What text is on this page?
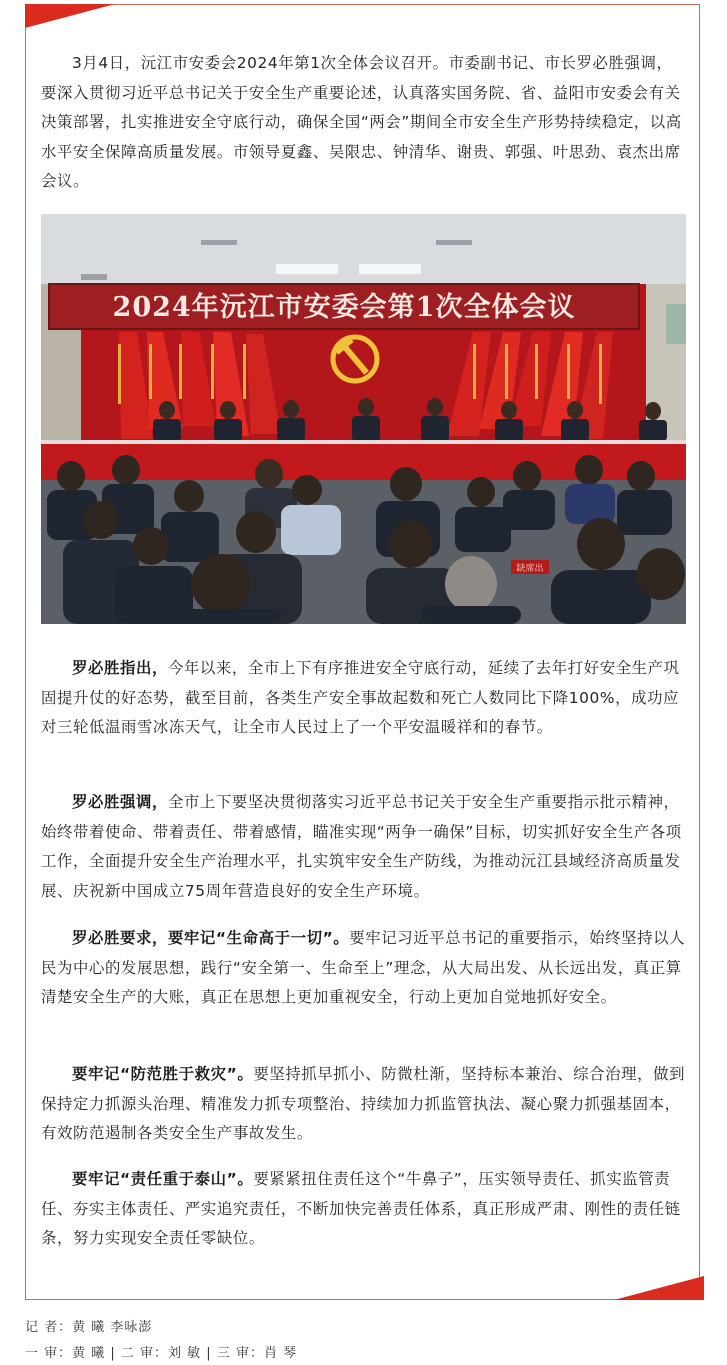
3月4日，沅江市安委会2024年第1次全体会议召开。市委副书记、市长罗必胜强调，要深入贯彻习近平总书记关于安全生产重要论述，认真落实国务院、省、益阳市安委会有关决策部署，扎实推进安全守底行动，确保全国“两会”期间全市安全生产形势持续稳定，以高水平安全保障高质量发展。市领导夏鑫、吴限忠、钟清华、谢贵、郭强、叶思劲、袁杰出席会议。

2024年沅江市安委会第1次全体会议
缺席出

罗必胜指出，今年以来，全市上下有序推进安全守底行动，延续了去年打好安全生产巩固提升仗的好态势，截至目前，各类生产安全事故起数和死亡人数同比下降100%，成功应对三轮低温雨雪冰冻天气，让全市人民过上了一个平安温暖祥和的春节。

罗必胜强调，全市上下要坚决贯彻落实习近平总书记关于安全生产重要指示批示精神，始终带着使命、带着责任、带着感情，瞄准实现“两争一确保”目标，切实抓好安全生产各项工作，全面提升安全生产治理水平，扎实筑牢安全生产防线，为推动沅江县域经济高质量发展、庆祝新中国成立75周年营造良好的安全生产环境。

罗必胜要求，要牢记“生命高于一切”。要牢记习近平总书记的重要指示，始终坚持以人民为中心的发展思想，践行“安全第一、生命至上”理念，从大局出发、从长远出发，真正算清楚安全生产的大账，真正在思想上更加重视安全，行动上更加自觉地抓好安全。

要牢记“防范胜于救灾”。要坚持抓早抓小、防微杜渐，坚持标本兼治、综合治理，做到保持定力抓源头治理、精准发力抓专项整治、持续加力抓监管执法、凝心聚力抓强基固本，有效防范遏制各类安全生产事故发生。

要牢记“责任重于泰山”。要紧紧扭住责任这个“牛鼻子”，压实领导责任、抓实监管责任、夯实主体责任、严实追究责任，不断加快完善责任体系，真正形成严肃、刚性的责任链条，努力实现安全责任零缺位。

记 者：黄 曦 李咏澎
一 审：黄 曦 | 二 审：刘 敏 | 三 审：肖 琴
